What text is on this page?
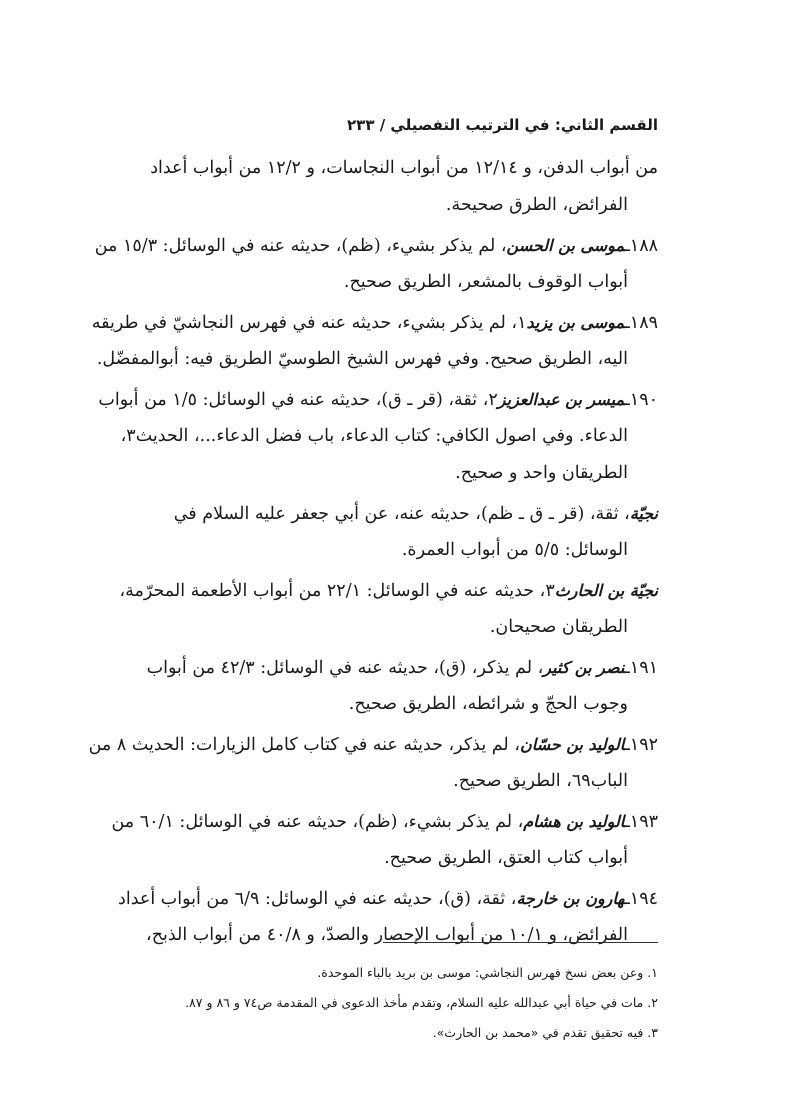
القسم الثاني: في الترتيب التفصيلي / ٢٣٣
من أبواب الدفن، و ١٢/١٤ من أبواب النجاسات، و ١٢/٢ من أبواب أعداد
الفرائض، الطرق صحيحة.
١٨٨ـموسى بن الحسن، لم يذكر بشيء، (ظم)، حديثه عنه في الوسائل: ١٥/٣ من
أبواب الوقوف بالمشعر، الطريق صحيح.
١٨٩ـموسى بن يزيد١، لم يذكر بشيء، حديثه عنه في فهرس النجاشيّ في طريقه
اليه، الطريق صحيح. وفي فهرس الشيخ الطوسيّ الطريق فيه: أبوالمفضّل.
١٩٠ـميسر بن عبدالعزيز٢، ثقة، (قر ـ ق)، حديثه عنه في الوسائل: ١/٥ من أبواب
الدعاء. وفي اصول الكافي: كتاب الدعاء، باب فضل الدعاء...، الحديث٣،
الطريقان واحد و صحيح.
نجيّة، ثقة، (قر ـ ق ـ ظم)، حديثه عنه، عن أبي جعفر عليه السلام في
الوسائل: ٥/٥ من أبواب العمرة.
نجيّة بن الحارث٣، حديثه عنه في الوسائل: ٢٢/١ من أبواب الأطعمة المحرّمة،
الطريقان صحيحان.
١٩١ـنصر بن كثير، لم يذكر، (ق)، حديثه عنه في الوسائل: ٤٢/٣ من أبواب
وجوب الحجّ و شرائطه، الطريق صحيح.
١٩٢ـالوليد بن حسّان، لم يذكر، حديثه عنه في كتاب كامل الزيارات: الحديث ٨ من
الباب٦٩، الطريق صحيح.
١٩٣ـالوليد بن هشام، لم يذكر بشيء، (ظم)، حديثه عنه في الوسائل: ٦٠/١ من
أبواب كتاب العتق، الطريق صحيح.
١٩٤ـهارون بن خارجة، ثقة، (ق)، حديثه عنه في الوسائل: ٦/٩ من أبواب أعداد
الفرائض، و ١٠/١ من أبواب الإحصار والصدّ، و ٤٠/٨ من أبواب الذبح،
١. وعن بعض نسخ فهرس النجاشي: موسى بن بريد بالباء الموحدة.
٢. مات في حياة أبي عبدالله عليه السلام، وتقدم مأخذ الدعوى في المقدمة ص٧٤ و ٨٦ و ٨٧.
٣. فيه تحقيق تقدم في «محمد بن الحارث».
